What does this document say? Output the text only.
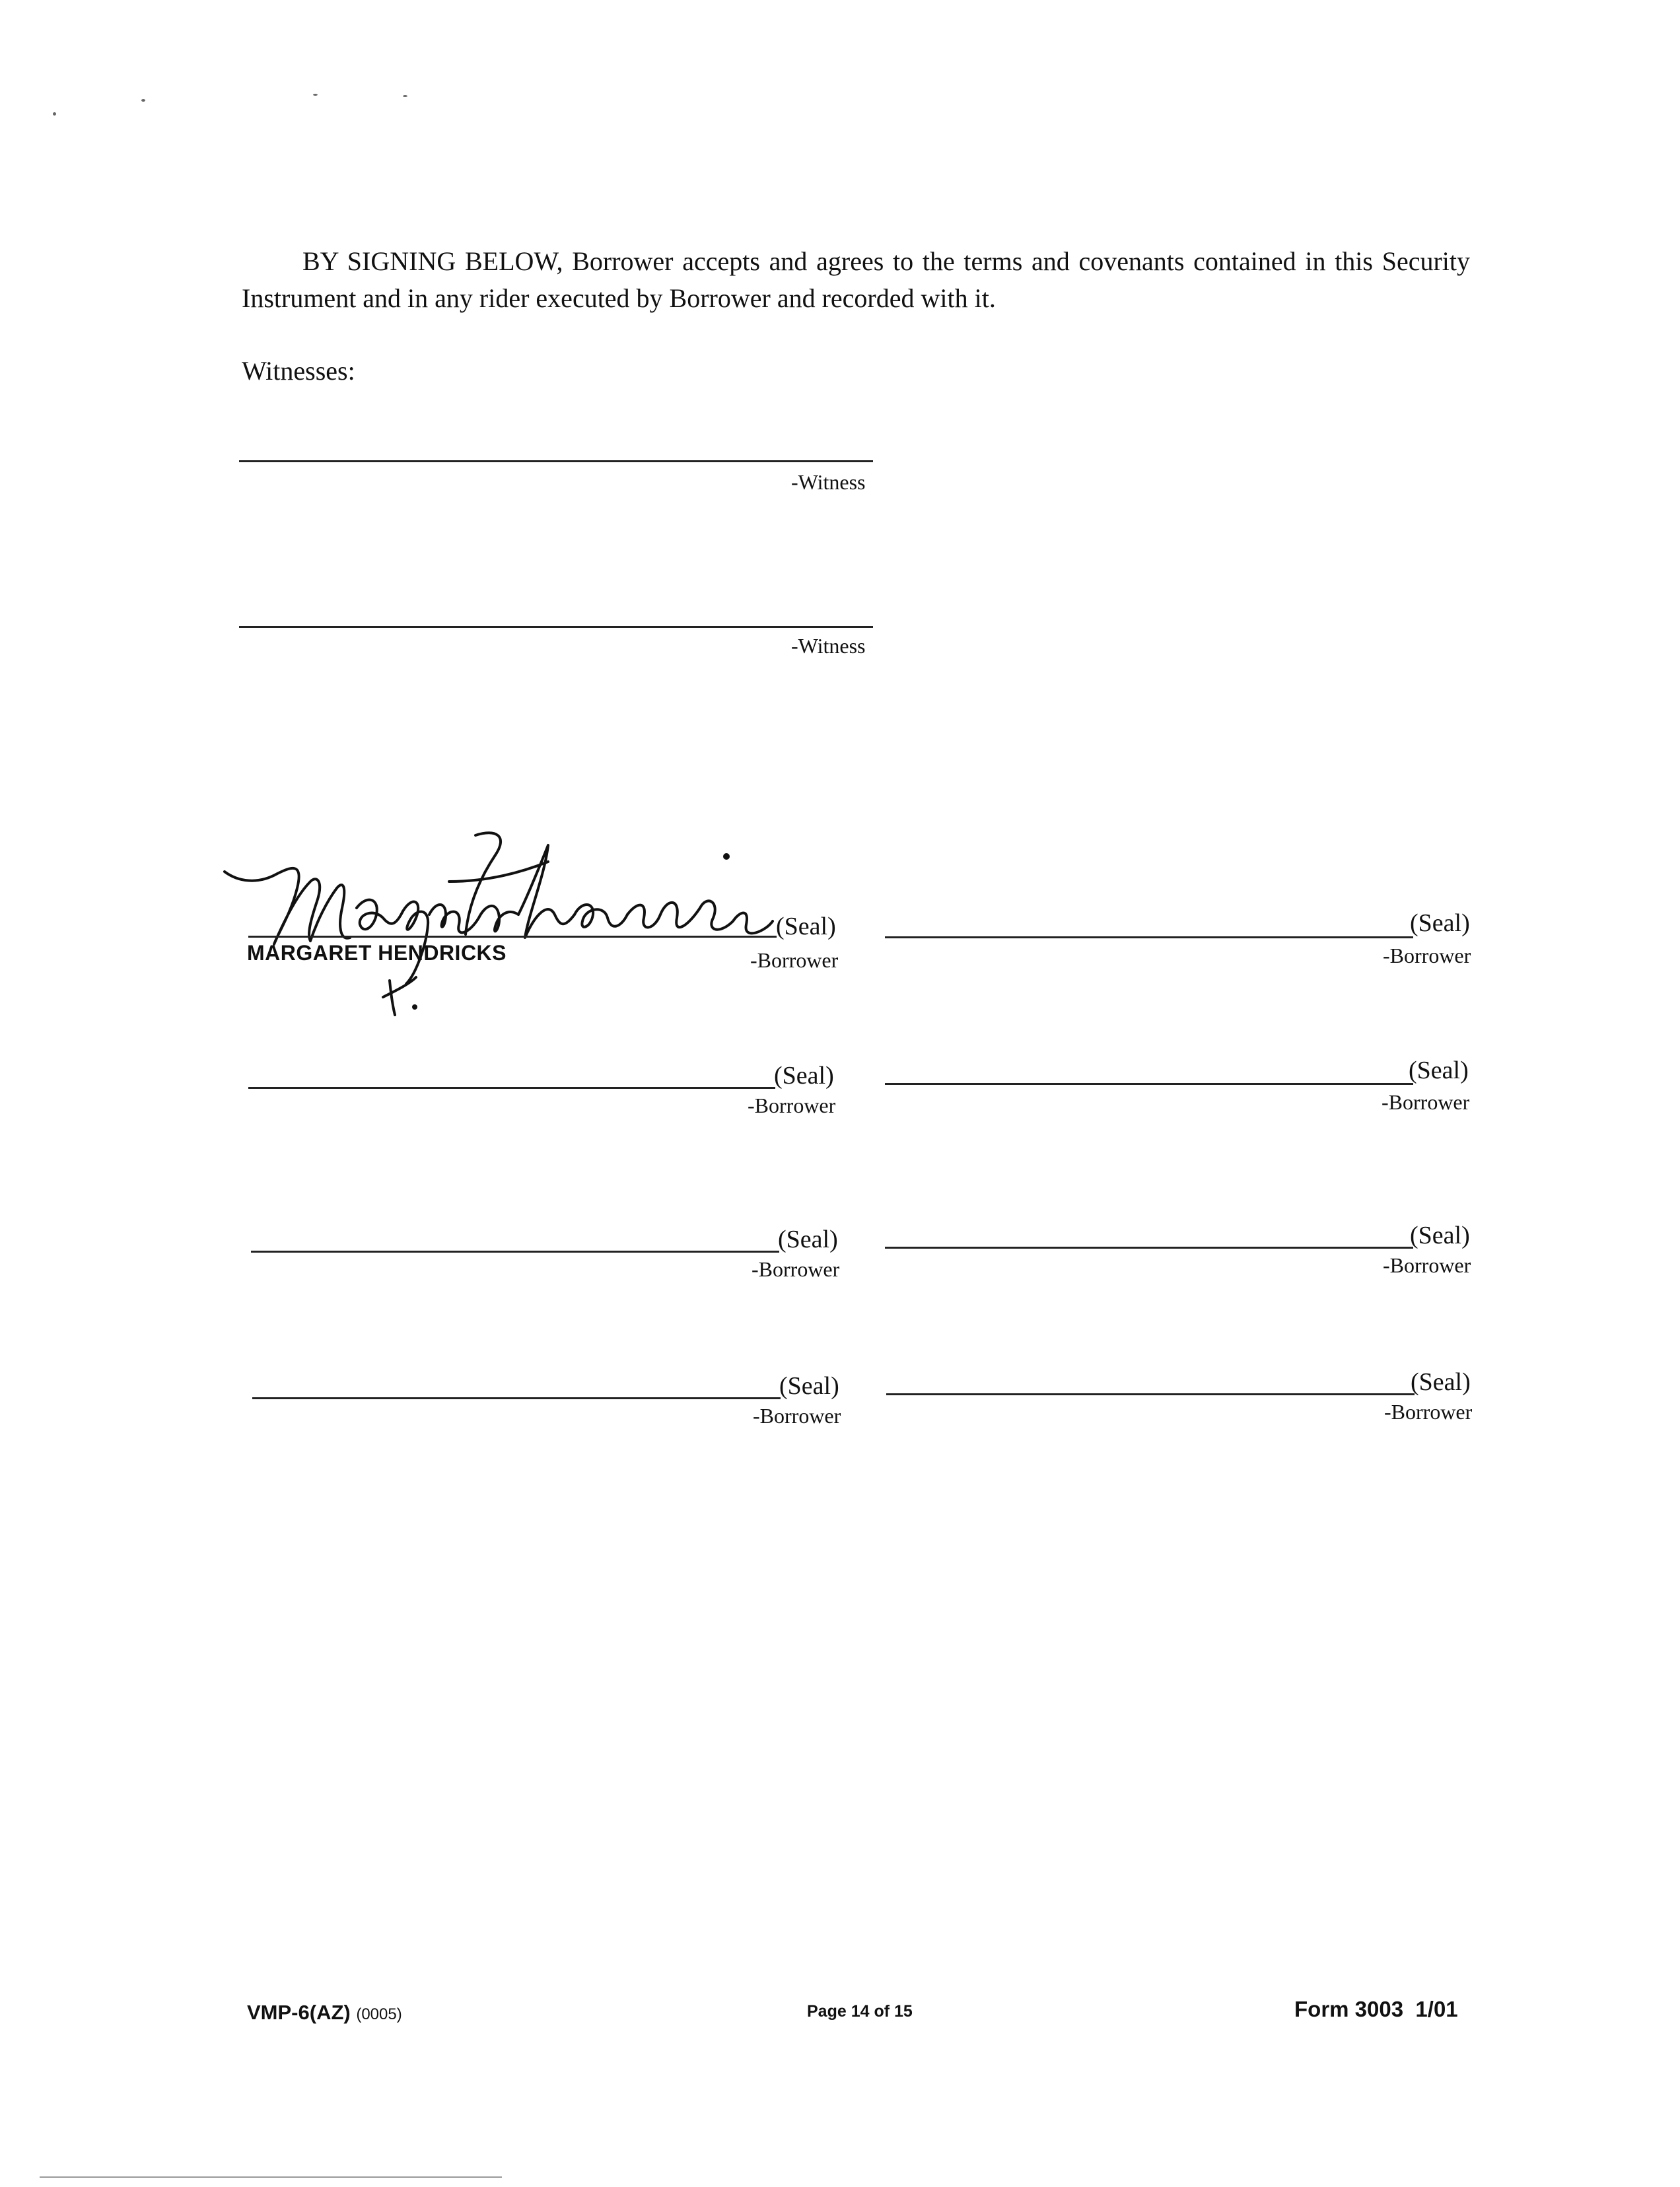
BY SIGNING BELOW, Borrower accepts and agrees to the terms and covenants contained in this Security Instrument and in any rider executed by Borrower and recorded with it.
Witnesses:
-Witness
-Witness
(Seal)
MARGARET HENDRICKS	-Borrower
(Seal)
-Borrower
(Seal)
-Borrower
(Seal)
-Borrower
(Seal)
-Borrower
(Seal)
-Borrower
(Seal)
-Borrower
(Seal)
-Borrower
VMP-6(AZ) (0005)	Page 14 of 15	Form 3003  1/01
